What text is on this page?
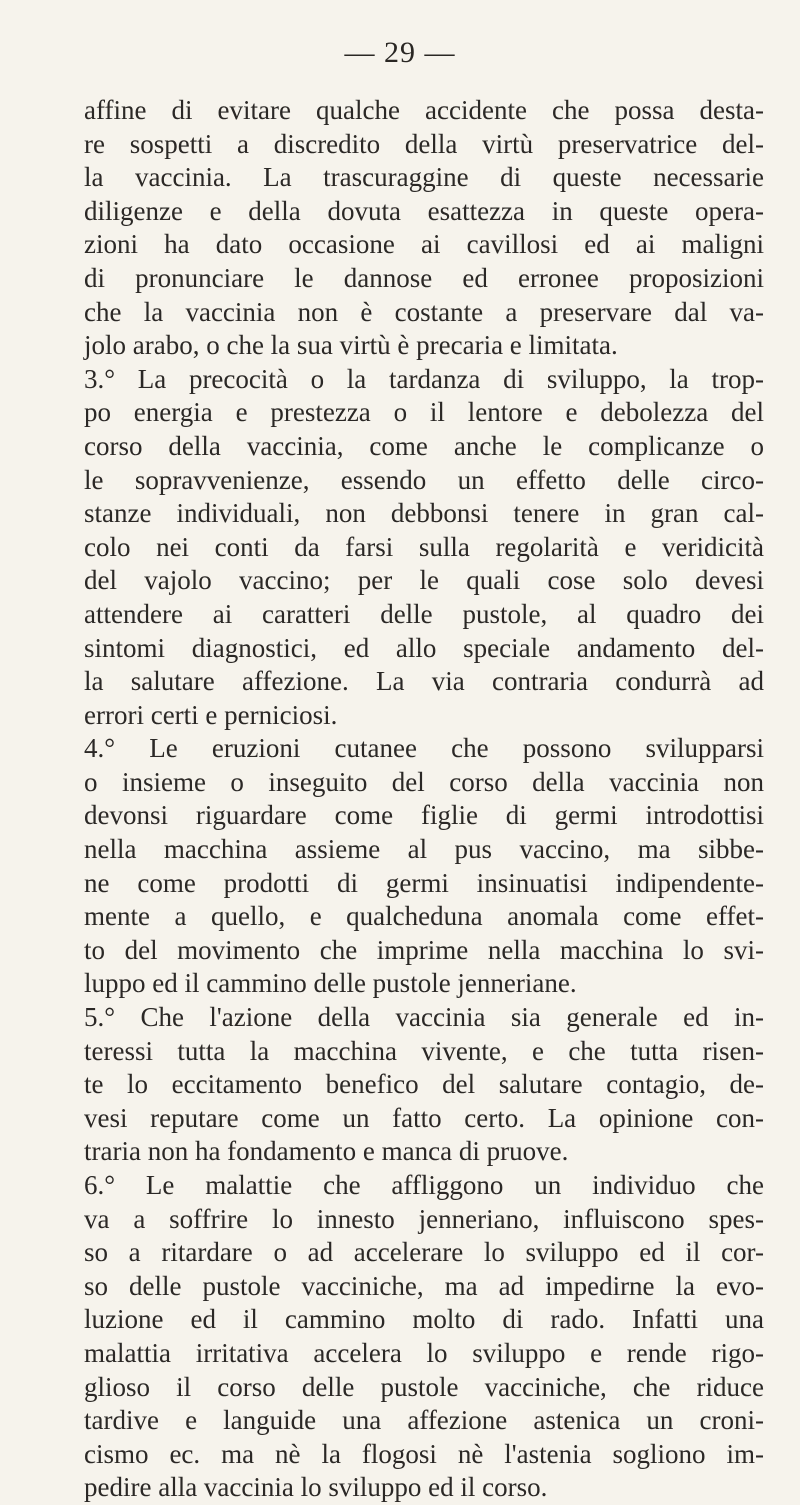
— 29 —
affine di evitare qualche accidente che possa desta-
re sospetti a discredito della virtù preservatrice del-
la vaccinia. La trascuraggine di queste necessarie
diligenze e della dovuta esattezza in queste opera-
zioni ha dato occasione ai cavillosi ed ai maligni
di pronunciare le dannose ed erronee proposizioni
che la vaccinia non è costante a preservare dal va-
jolo arabo, o che la sua virtù è precaria e limitata.
3.° La precocità o la tardanza di sviluppo, la trop-
po energia e prestezza o il lentore e debolezza del
corso della vaccinia, come anche le complicanze o
le sopravvenienze, essendo un effetto delle circo-
stanze individuali, non debbonsi tenere in gran cal-
colo nei conti da farsi sulla regolarità e veridicità
del vajolo vaccino; per le quali cose solo devesi
attendere ai caratteri delle pustole, al quadro dei
sintomi diagnostici, ed allo speciale andamento del-
la salutare affezione. La via contraria condurrà ad
errori certi e perniciosi.
4.° Le eruzioni cutanee che possono svilupparsi
o insieme o inseguito del corso della vaccinia non
devonsi riguardare come figlie di germi introdottisi
nella macchina assieme al pus vaccino, ma sibbe-
ne come prodotti di germi insinuatisi indipendente-
mente a quello, e qualcheduna anomala come effet-
to del movimento che imprime nella macchina lo svi-
luppo ed il cammino delle pustole jenneriane.
5.° Che l'azione della vaccinia sia generale ed in-
teressi tutta la macchina vivente, e che tutta risen-
te lo eccitamento benefico del salutare contagio, de-
vesi reputare come un fatto certo. La opinione con-
traria non ha fondamento e manca di pruove.
6.° Le malattie che affliggono un individuo che
va a soffrire lo innesto jenneriano, influiscono spes-
so a ritardare o ad accelerare lo sviluppo ed il cor-
so delle pustole vacciniche, ma ad impedirne la evo-
luzione ed il cammino molto di rado. Infatti una
malattia irritativa accelera lo sviluppo e rende rigo-
glioso il corso delle pustole vacciniche, che riduce
tardive e languide una affezione astenica un croni-
cismo ec. ma nè la flogosi nè l'astenia sogliono im-
pedire alla vaccinia lo sviluppo ed il corso.
